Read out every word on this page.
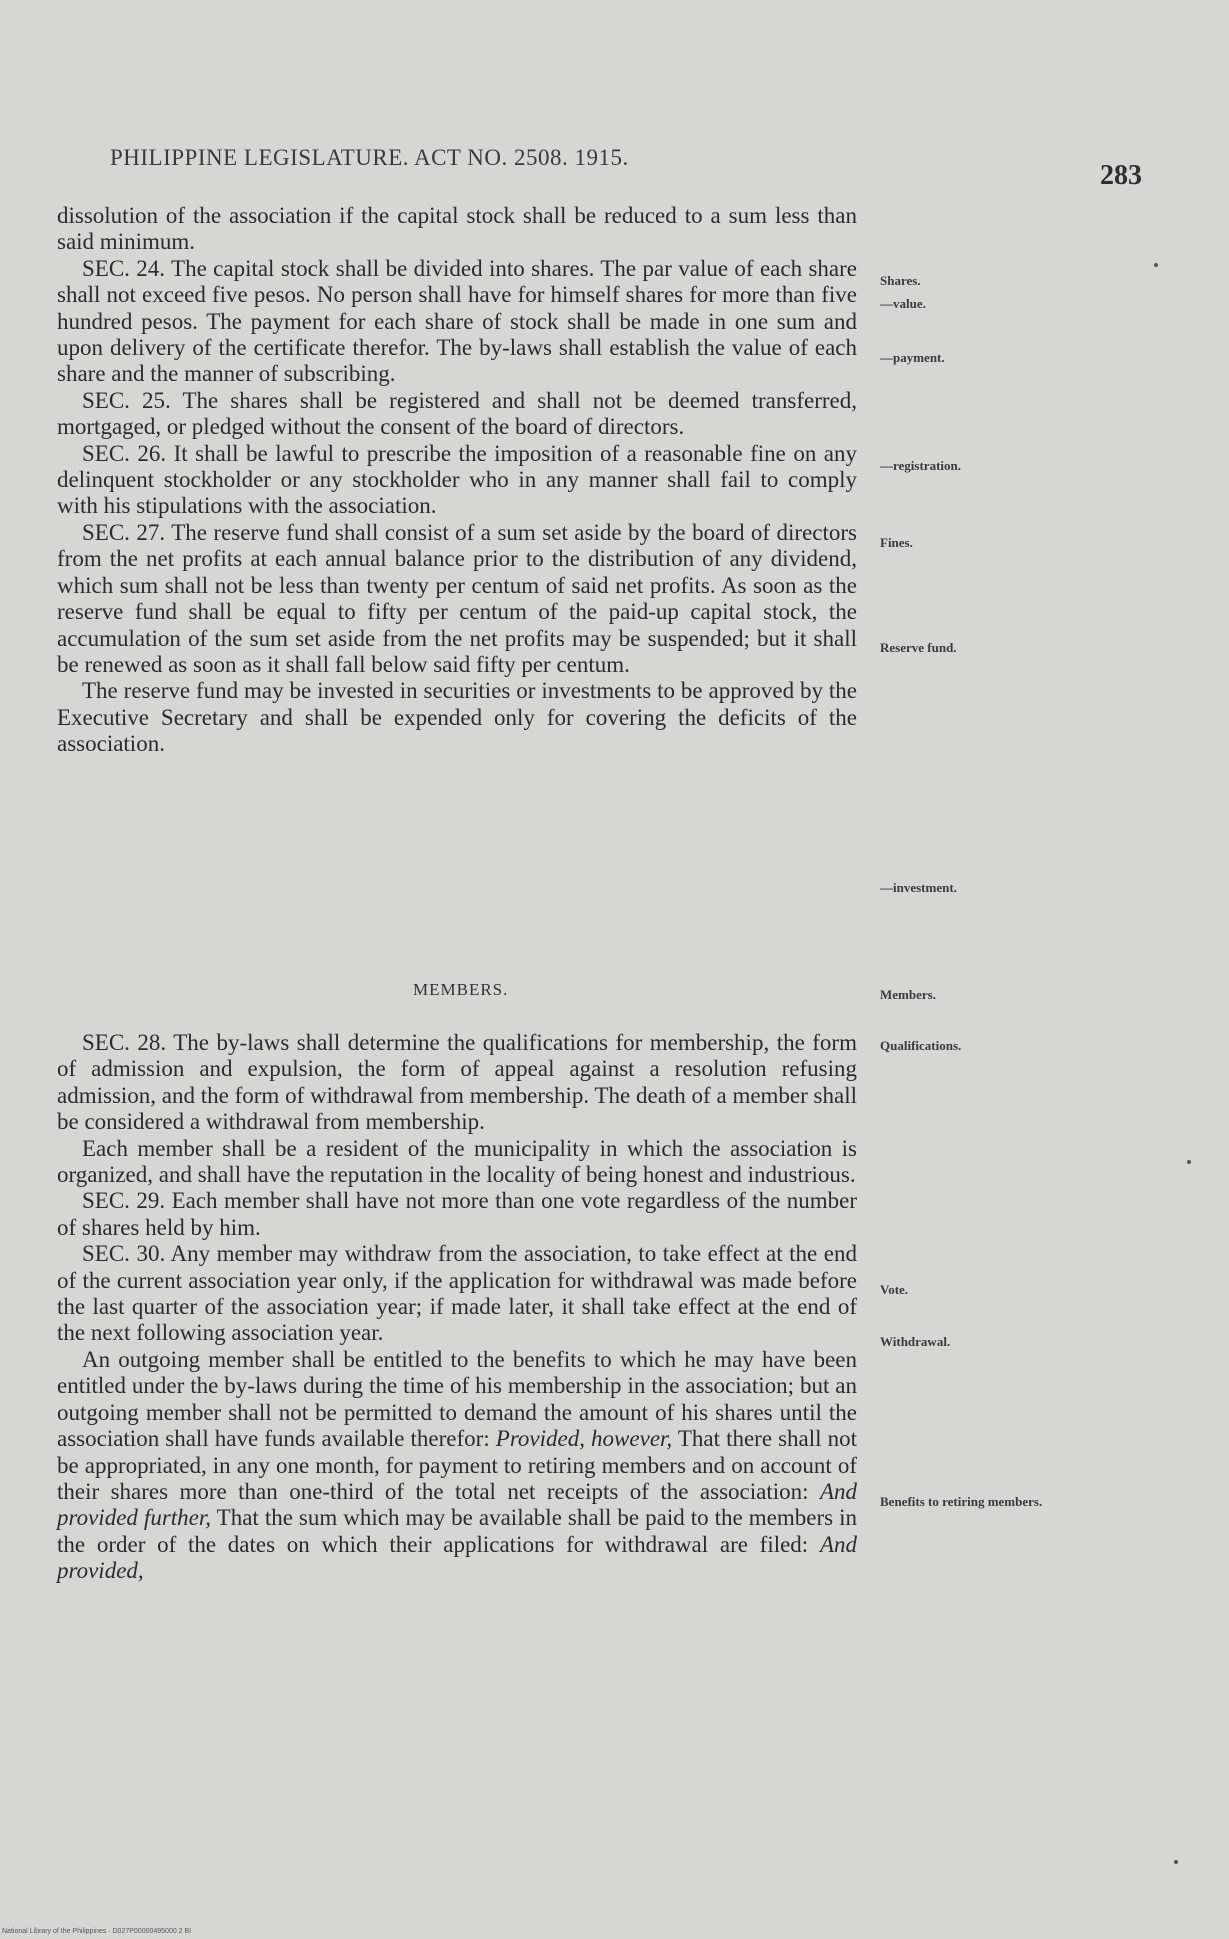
PHILIPPINE LEGISLATURE. ACT NO. 2508. 1915.
283

dissolution of the association if the capital stock shall be reduced to a sum less than said minimum.

SEC. 24. The capital stock shall be divided into shares. The par value of each share shall not exceed five pesos. No person shall have for himself shares for more than five hundred pesos. The payment for each share of stock shall be made in one sum and upon delivery of the certificate therefor. The by-laws shall establish the value of each share and the manner of subscribing.

SEC. 25. The shares shall be registered and shall not be deemed transferred, mortgaged, or pledged without the consent of the board of directors.

SEC. 26. It shall be lawful to prescribe the imposition of a reasonable fine on any delinquent stockholder or any stockholder who in any manner shall fail to comply with his stipulations with the association.

SEC. 27. The reserve fund shall consist of a sum set aside by the board of directors from the net profits at each annual balance prior to the distribution of any dividend, which sum shall not be less than twenty per centum of said net profits. As soon as the reserve fund shall be equal to fifty per centum of the paid-up capital stock, the accumulation of the sum set aside from the net profits may be suspended; but it shall be renewed as soon as it shall fall below said fifty per centum.

The reserve fund may be invested in securities or investments to be approved by the Executive Secretary and shall be expended only for covering the deficits of the association.

MEMBERS.

SEC. 28. The by-laws shall determine the qualifications for membership, the form of admission and expulsion, the form of appeal against a resolution refusing admission, and the form of withdrawal from membership. The death of a member shall be considered a withdrawal from membership.

Each member shall be a resident of the municipality in which the association is organized, and shall have the reputation in the locality of being honest and industrious.

SEC. 29. Each member shall have not more than one vote regardless of the number of shares held by him.

SEC. 30. Any member may withdraw from the association, to take effect at the end of the current association year only, if the application for withdrawal was made before the last quarter of the association year; if made later, it shall take effect at the end of the next following association year.

An outgoing member shall be entitled to the benefits to which he may have been entitled under the by-laws during the time of his membership in the association; but an outgoing member shall not be permitted to demand the amount of his shares until the association shall have funds available therefor: Provided, however, That there shall not be appropriated, in any one month, for payment to retiring members and on account of their shares more than one-third of the total net receipts of the association: And provided further, That the sum which may be available shall be paid to the members in the order of the dates on which their applications for withdrawal are filed: And provided,

Shares.
—value.
—payment.
—registration.
Fines.
Reserve fund.
—investment.
Members.
Qualifications.
Vote.
Withdrawal.
Benefits to retiring members.
National Library of the Philippines · D027P00000495000 2 BI
